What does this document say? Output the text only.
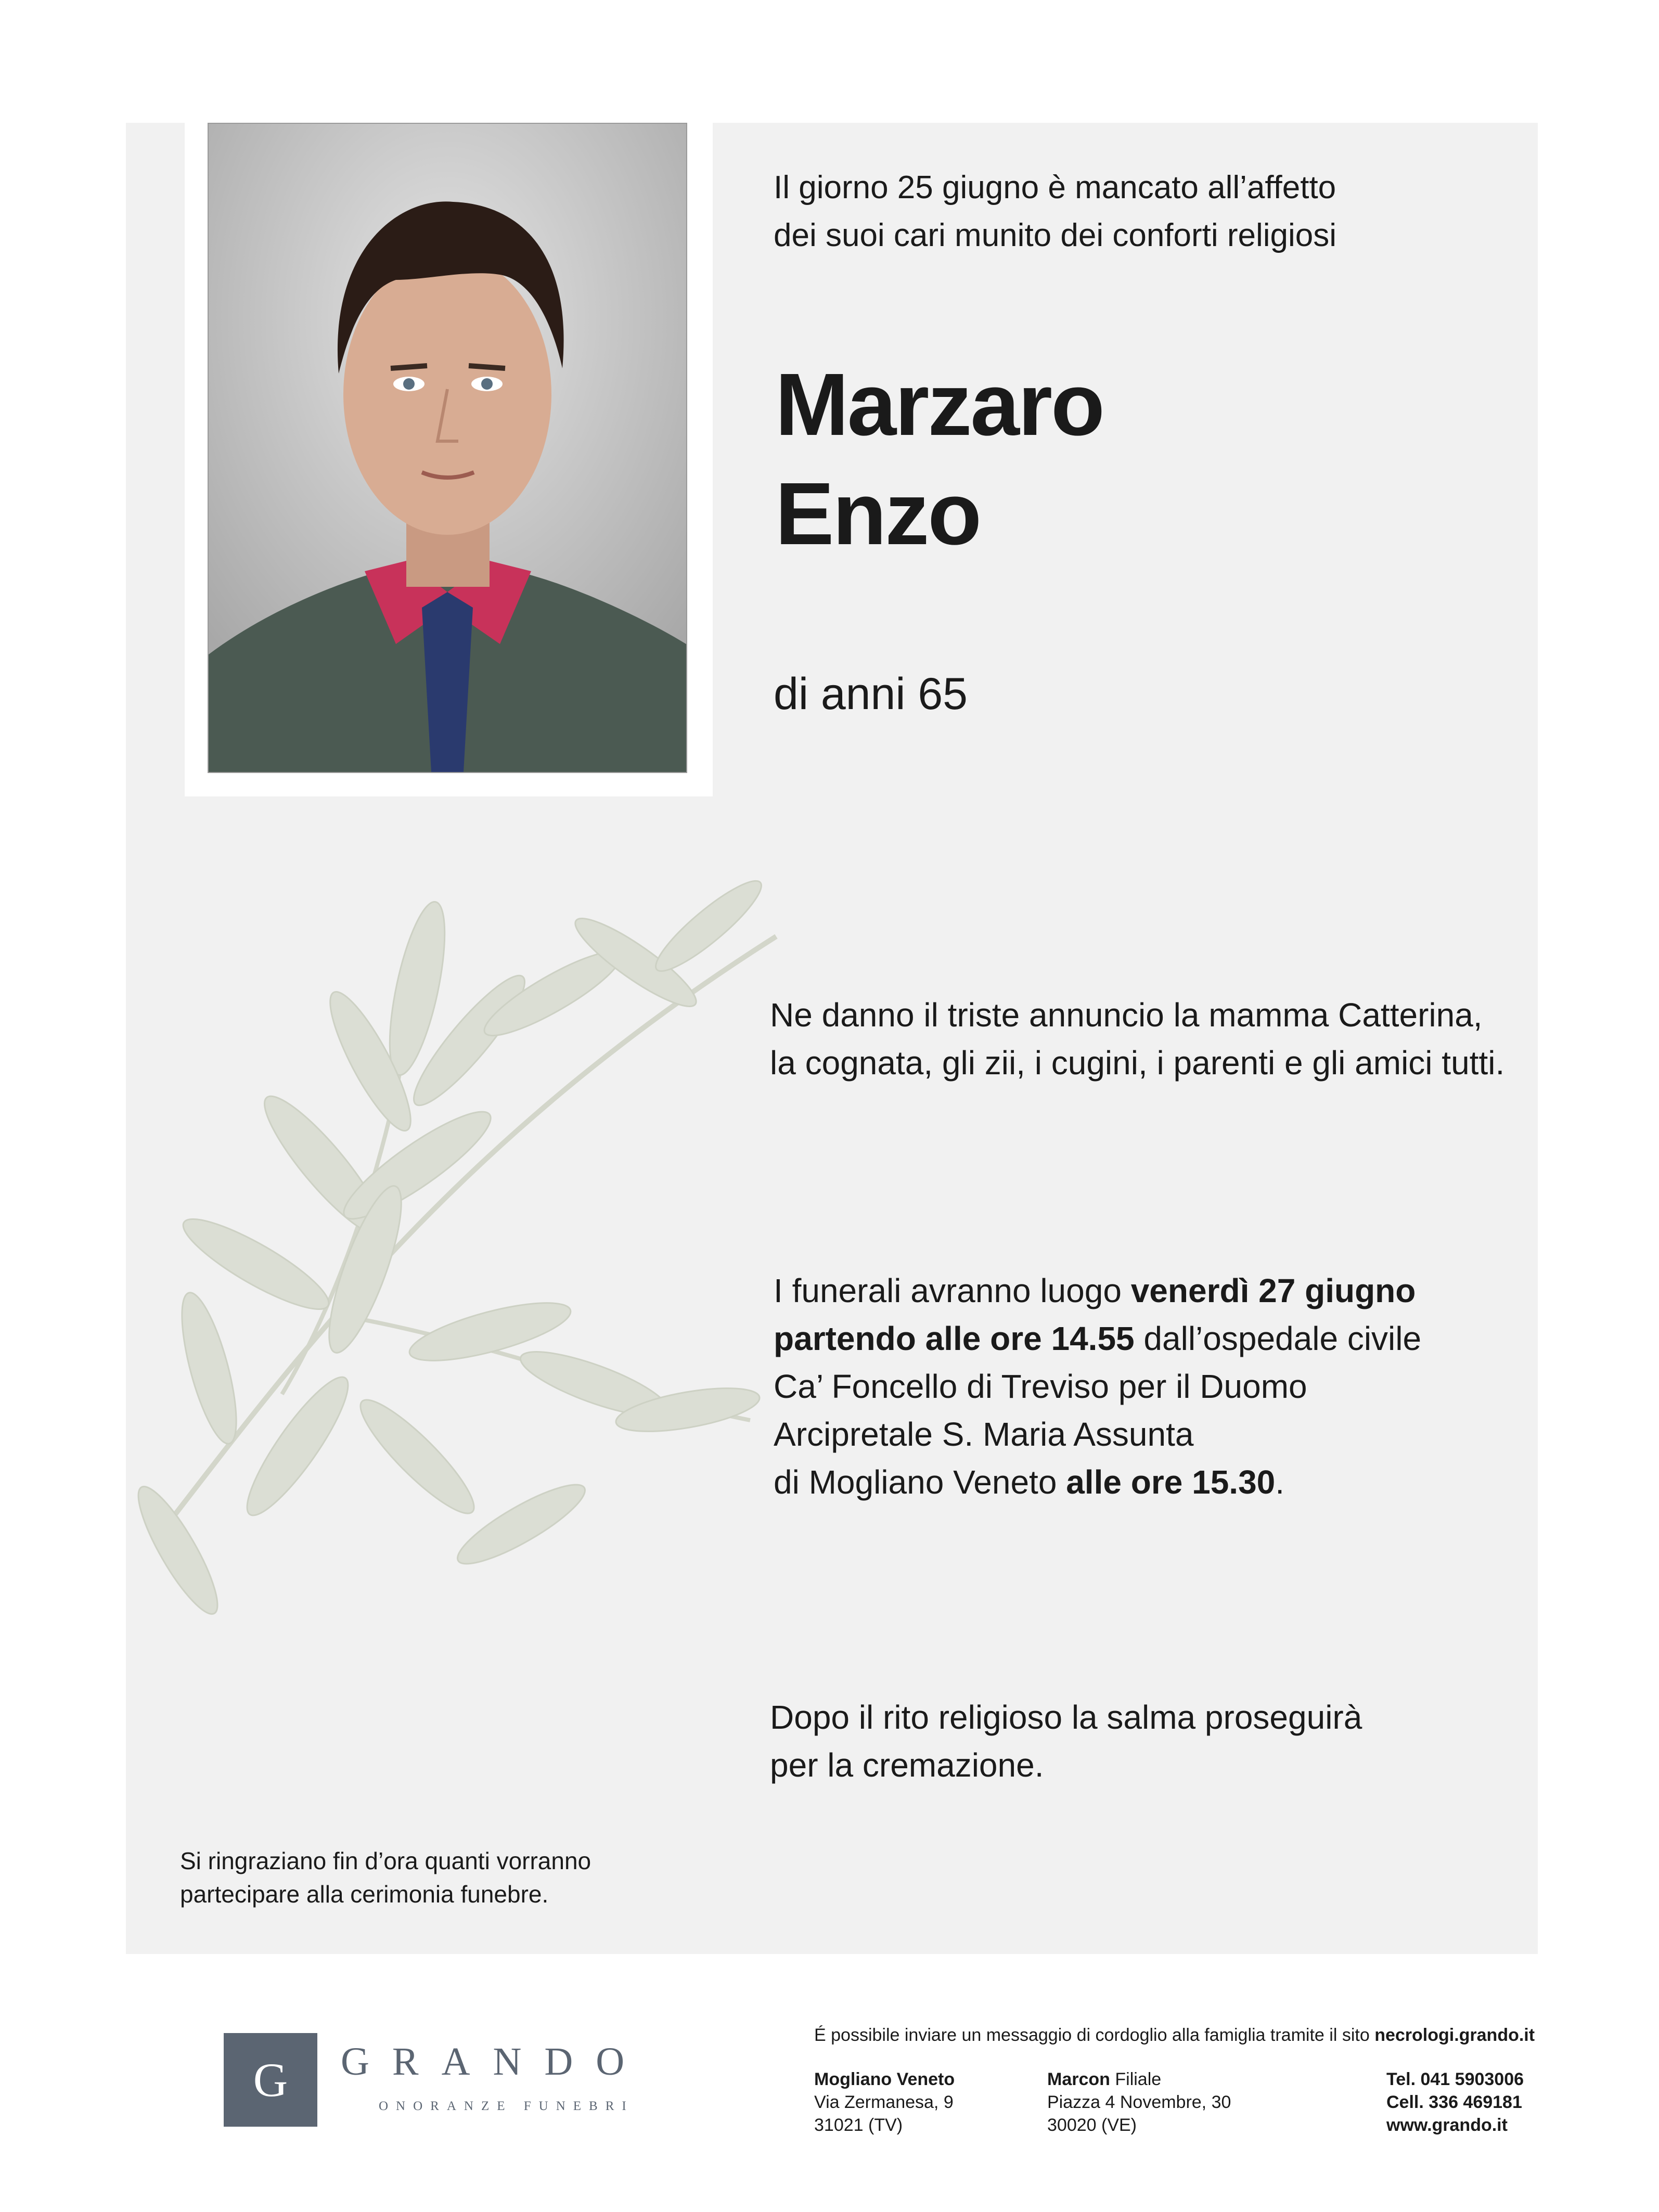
Il giorno 25 giugno è mancato all’affetto
dei suoi cari munito dei conforti religiosi

Marzaro
Enzo

di anni 65

Ne danno il triste annuncio la mamma Catterina,
la cognata, gli zii, i cugini, i parenti e gli amici tutti.

I funerali avranno luogo venerdì 27 giugno
partendo alle ore 14.55 dall’ospedale civile
Ca’ Foncello di Treviso per il Duomo
Arcipretale S. Maria Assunta
di Mogliano Veneto alle ore 15.30.

Dopo il rito religioso la salma proseguirà
per la cremazione.

Si ringraziano fin d’ora quanti vorranno
partecipare alla cerimonia funebre.

G	GRANDO
ONORANZE FUNEBRI

É possibile inviare un messaggio di cordoglio alla famiglia tramite il sito necrologi.grando.it

Mogliano Veneto
Via Zermanesa, 9
31021 (TV)

Marcon Filiale
Piazza 4 Novembre, 30
30020 (VE)

Tel. 041 5903006
Cell. 336 469181
www.grando.it
